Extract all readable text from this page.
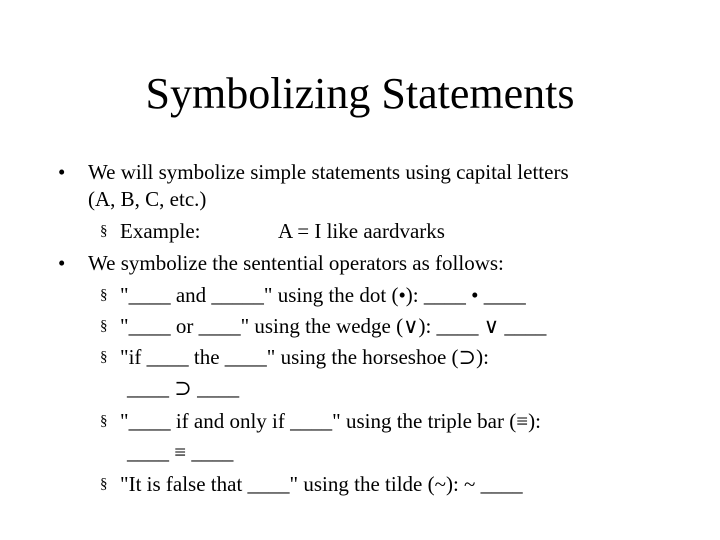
Symbolizing Statements
• We will symbolize simple statements using capital letters
(A, B, C, etc.)
§ Example:	A = I like aardvarks
• We symbolize the sentential operators as follows:
§ "____ and _____" using the dot (•): ____ • ____
§ "____ or ____" using the wedge (∨): ____ ∨ ____
§ "if ____ the ____" using the horseshoe (⊃):
____ ⊃ ____
§ "____ if and only if ____" using the triple bar (≡):
____ ≡ ____
§ "It is false that ____" using the tilde (~): ~ ____
